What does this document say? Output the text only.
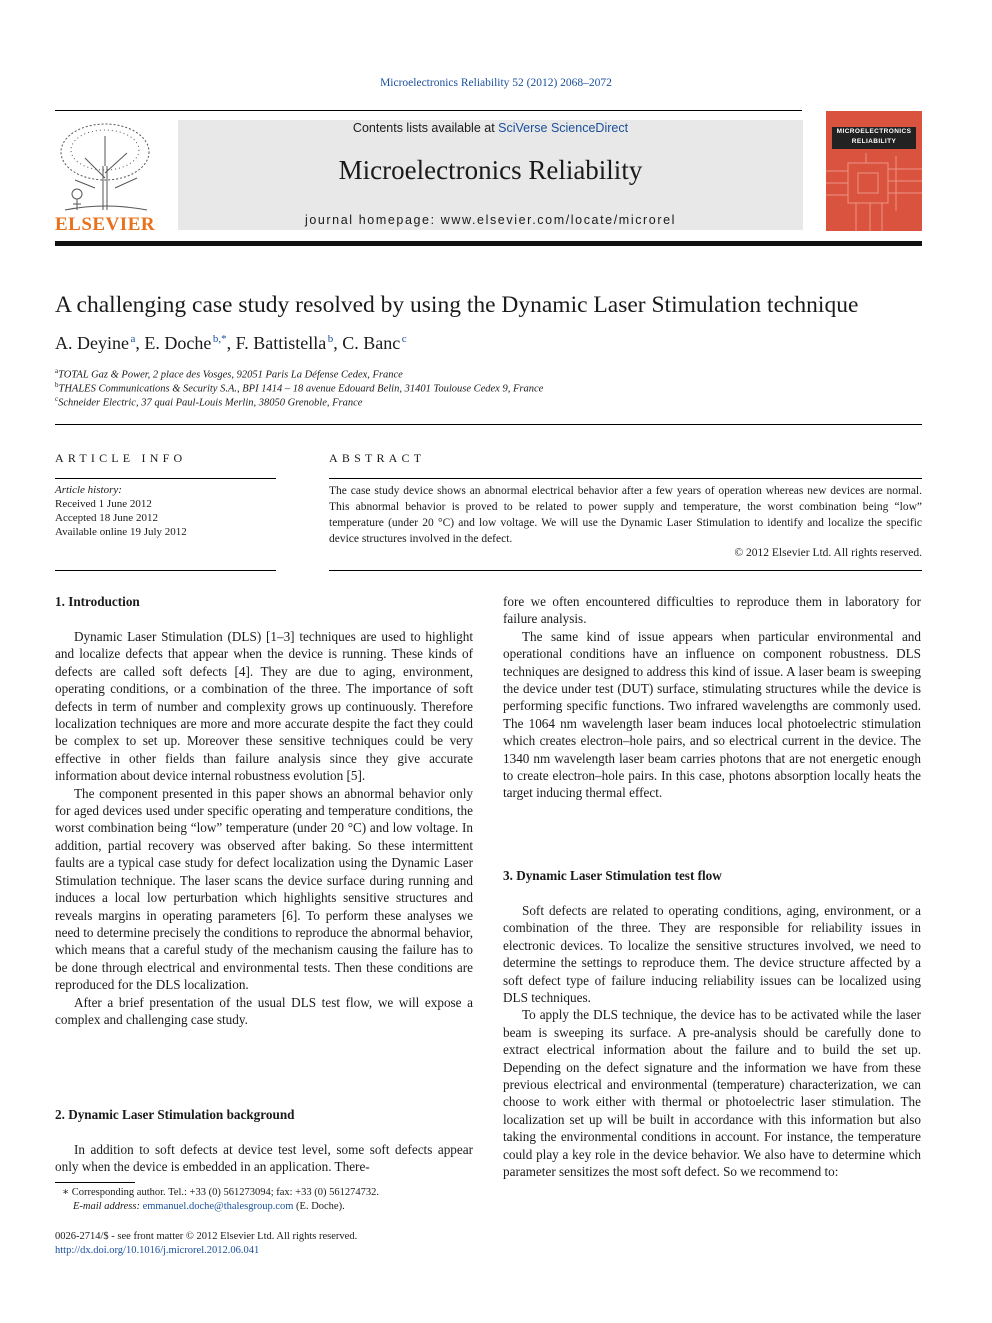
Microelectronics Reliability 52 (2012) 2068–2072
ELSEVIER
Contents lists available at SciVerse ScienceDirect
Microelectronics Reliability
journal homepage: www.elsevier.com/locate/microrel
MICROELECTRONICS RELIABILITY
A challenging case study resolved by using the Dynamic Laser Stimulation technique
A. Deyine  $^a$, E. Doche  $^{b,*}$, F. Battistella  $^b$, C. Banc  $^c$
$^a$TOTAL Gaz & Power, 2 place des Vosges, 92051 Paris La Défense Cedex, France
$^b$THALES Communications & Security S.A., BPI 1414 – 18 avenue Edouard Belin, 31401 Toulouse Cedex 9, France
$^c$Schneider Electric, 37 quai Paul-Louis Merlin, 38050 Grenoble, France
ARTICLE INFO
Article history:
Received 1 June 2012
Accepted 18 June 2012
Available online 19 July 2012
ABSTRACT
The case study device shows an abnormal electrical behavior after a few years of operation whereas new devices are normal. This abnormal behavior is proved to be related to power supply and temperature, the worst combination being “low” temperature (under 20 °C) and low voltage. We will use the Dynamic Laser Stimulation to identify and localize the specific device structures involved in the defect.
© 2012 Elsevier Ltd. All rights reserved.
1. Introduction

Dynamic Laser Stimulation (DLS) [1–3] techniques are used to highlight and localize defects that appear when the device is running. These kinds of defects are called soft defects [4]. They are due to aging, environment, operating conditions, or a combination of the three. The importance of soft defects in term of number and complexity grows up continuously. Therefore localization techniques are more and more accurate despite the fact they could be complex to set up. Moreover these sensitive techniques could be very effective in other fields than failure analysis since they give accurate information about device internal robustness evolution [5].

The component presented in this paper shows an abnormal behavior only for aged devices used under specific operating and temperature conditions, the worst combination being “low” temperature (under 20 °C) and low voltage. In addition, partial recovery was observed after baking. So these intermittent faults are a typical case study for defect localization using the Dynamic Laser Stimulation technique. The laser scans the device surface during running and induces a local low perturbation which highlights sensitive structures and reveals margins in operating parameters [6]. To perform these analyses we need to determine precisely the conditions to reproduce the abnormal behavior, which means that a careful study of the mechanism causing the failure has to be done through electrical and environmental tests. Then these conditions are reproduced for the DLS localization.

After a brief presentation of the usual DLS test flow, we will expose a complex and challenging case study.

2. Dynamic Laser Stimulation background

In addition to soft defects at device test level, some soft defects appear only when the device is embedded in an application. There-

fore we often encountered difficulties to reproduce them in laboratory for failure analysis.

The same kind of issue appears when particular environmental and operational conditions have an influence on component robustness. DLS techniques are designed to address this kind of issue. A laser beam is sweeping the device under test (DUT) surface, stimulating structures while the device is performing specific functions. Two infrared wavelengths are commonly used. The 1064 nm wavelength laser beam induces local photoelectric stimulation which creates electron–hole pairs, and so electrical current in the device. The 1340 nm wavelength laser beam carries photons that are not energetic enough to create electron–hole pairs. In this case, photons absorption locally heats the target inducing thermal effect.

3. Dynamic Laser Stimulation test flow

Soft defects are related to operating conditions, aging, environment, or a combination of the three. They are responsible for reliability issues in electronic devices. To localize the sensitive structures involved, we need to determine the settings to reproduce them. The device structure affected by a soft defect type of failure inducing reliability issues can be localized using DLS techniques.

To apply the DLS technique, the device has to be activated while the laser beam is sweeping its surface. A pre-analysis should be carefully done to extract electrical information about the failure and to build the set up. Depending on the defect signature and the information we have from these previous electrical and environmental (temperature) characterization, we can choose to work either with thermal or photoelectric laser stimulation. The localization set up will be built in accordance with this information but also taking the environmental conditions in account. For instance, the temperature could play a key role in the device behavior. We also have to determine which parameter sensitizes the most soft defect. So we recommend to:

∗ Corresponding author. Tel.: +33 (0) 561273094; fax: +33 (0) 561274732.
E-mail address: emmanuel.doche@thalesgroup.com (E. Doche).
0026-2714/$ - see front matter © 2012 Elsevier Ltd. All rights reserved.
http://dx.doi.org/10.1016/j.microrel.2012.06.041
